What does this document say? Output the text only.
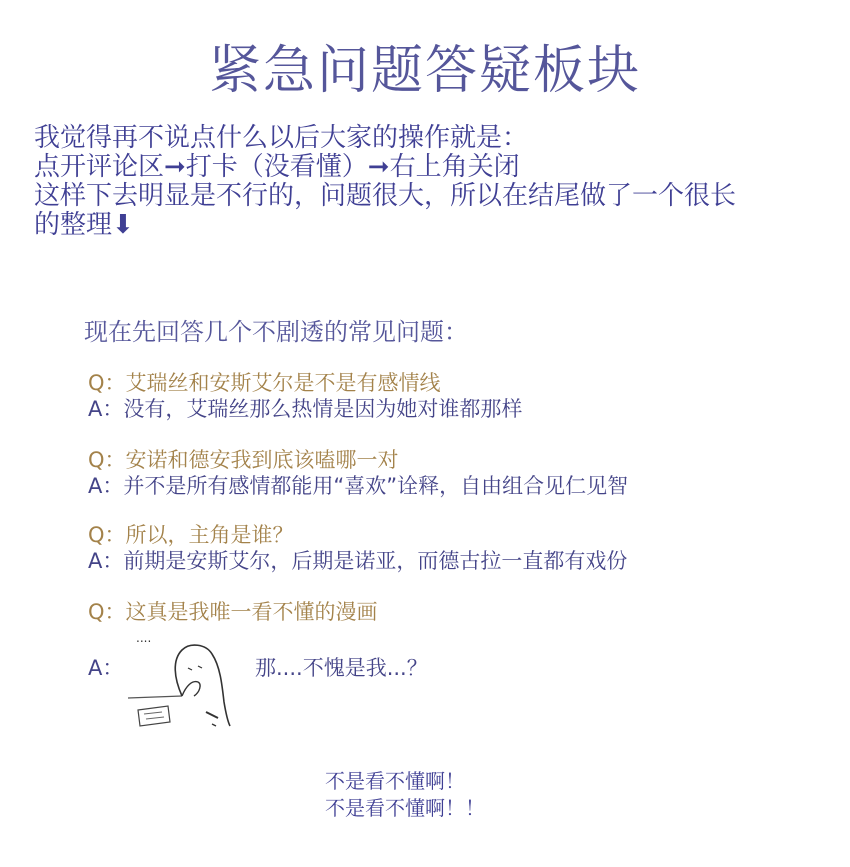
紧急问题答疑板块
我觉得再不说点什么以后大家的操作就是：
点开评论区➞打卡（没看懂）➞右上角关闭
这样下去明显是不行的，问题很大，所以在结尾做了一个很长
的整理⬇
现在先回答几个不剧透的常见问题：
Q：艾瑞丝和安斯艾尔是不是有感情线
A：没有，艾瑞丝那么热情是因为她对谁都那样
Q：安诺和德安我到底该嗑哪一对
A：并不是所有感情都能用“喜欢”诠释，自由组合见仁见智
Q：所以，主角是谁？
A：前期是安斯艾尔，后期是诺亚，而德古拉一直都有戏份
Q：这真是我唯一看不懂的漫画
A：
....
那....不愧是我...？
不是看不懂啊！
不是看不懂啊！！
